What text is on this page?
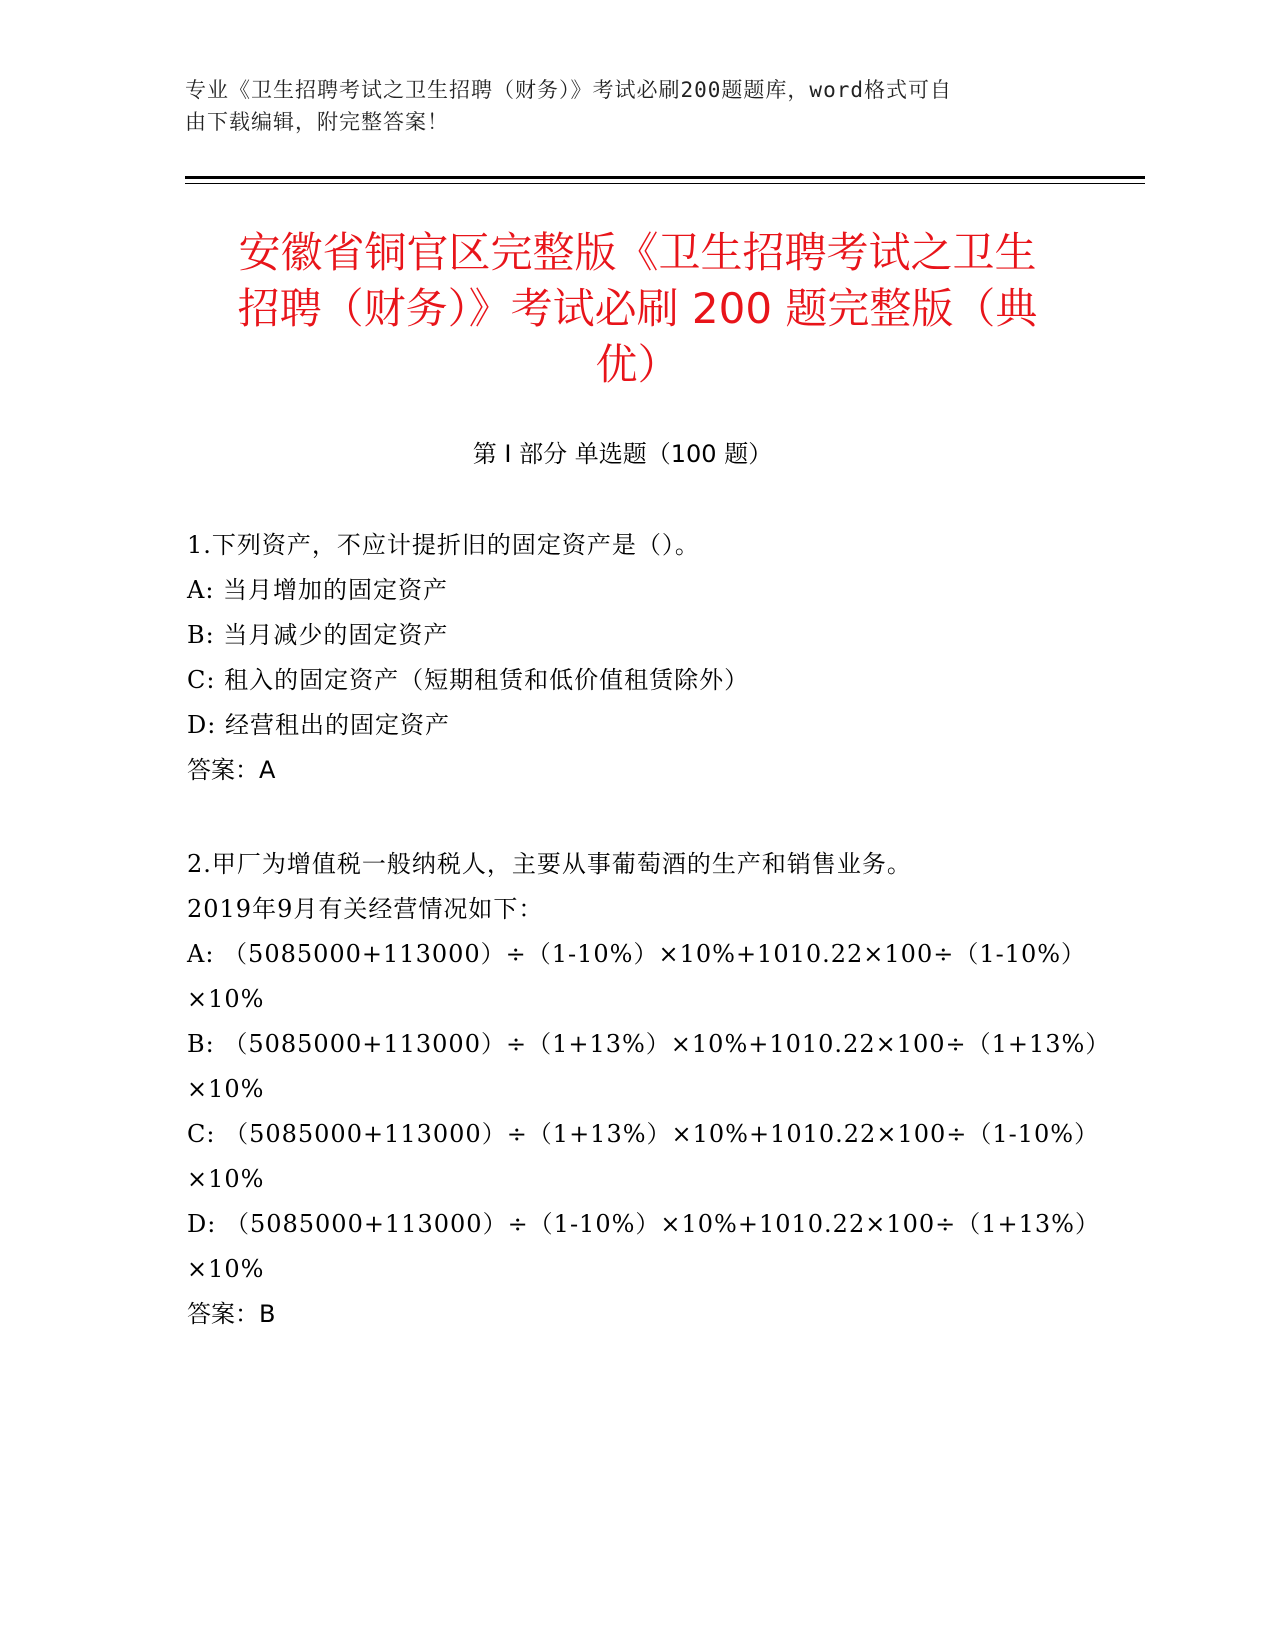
专业《卫生招聘考试之卫生招聘（财务）》考试必刷200题题库，word格式可自
由下载编辑，附完整答案！
安徽省铜官区完整版《卫生招聘考试之卫生
招聘（财务）》考试必刷 200 题完整版（典
优）
第 I 部分 单选题（100 题）
1.下列资产，不应计提折旧的固定资产是（）。
A: 当月增加的固定资产
B: 当月减少的固定资产
C: 租入的固定资产（短期租赁和低价值租赁除外）
D: 经营租出的固定资产
答案：A
2.甲厂为增值税一般纳税人，主要从事葡萄酒的生产和销售业务。
2019年9月有关经营情况如下：
A: （5085000+113000）÷（1-10%）×10%+1010.22×100÷（1-10%）
×10%
B: （5085000+113000）÷（1+13%）×10%+1010.22×100÷（1+13%）
×10%
C: （5085000+113000）÷（1+13%）×10%+1010.22×100÷（1-10%）
×10%
D: （5085000+113000）÷（1-10%）×10%+1010.22×100÷（1+13%）
×10%
答案：B
